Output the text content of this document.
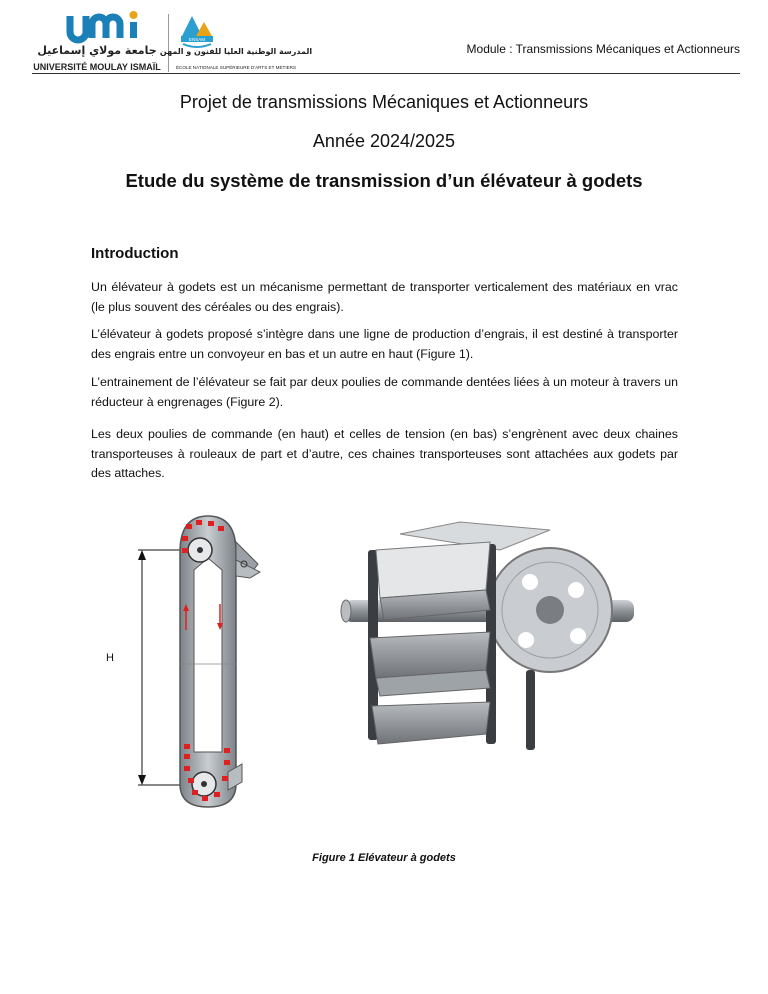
جامعة مولاي إسماعيل
UNIVERSITÉ MOULAY ISMAÏL
ENSAM
المدرسة الوطنية العليا للفنون و المهن
ÉCOLE NATIONALE SUPÉRIEURE D'ARTS ET MÉTIERS
Module : Transmissions Mécaniques et Actionneurs
Projet de transmissions Mécaniques et Actionneurs
Année 2024/2025
Etude du système de transmission d’un élévateur à godets
Introduction

Un élévateur à godets est un mécanisme permettant de transporter verticalement des matériaux en vrac (le plus souvent des céréales ou des engrais).

L’élévateur à godets proposé s’intègre dans une ligne de production d’engrais, il est destiné à transporter des engrais entre un convoyeur en bas et un autre en haut (Figure 1).

L’entrainement de l’élévateur se fait par deux poulies de commande dentées liées à un moteur à travers un réducteur à engrenages (Figure 2).

Les deux poulies de commande (en haut) et celles de tension (en bas) s’engrènent avec deux chaines transporteuses à rouleaux de part et d’autre, ces chaines transporteuses sont attachées aux godets par des attaches.

H
Figure 1 Elévateur à godets
